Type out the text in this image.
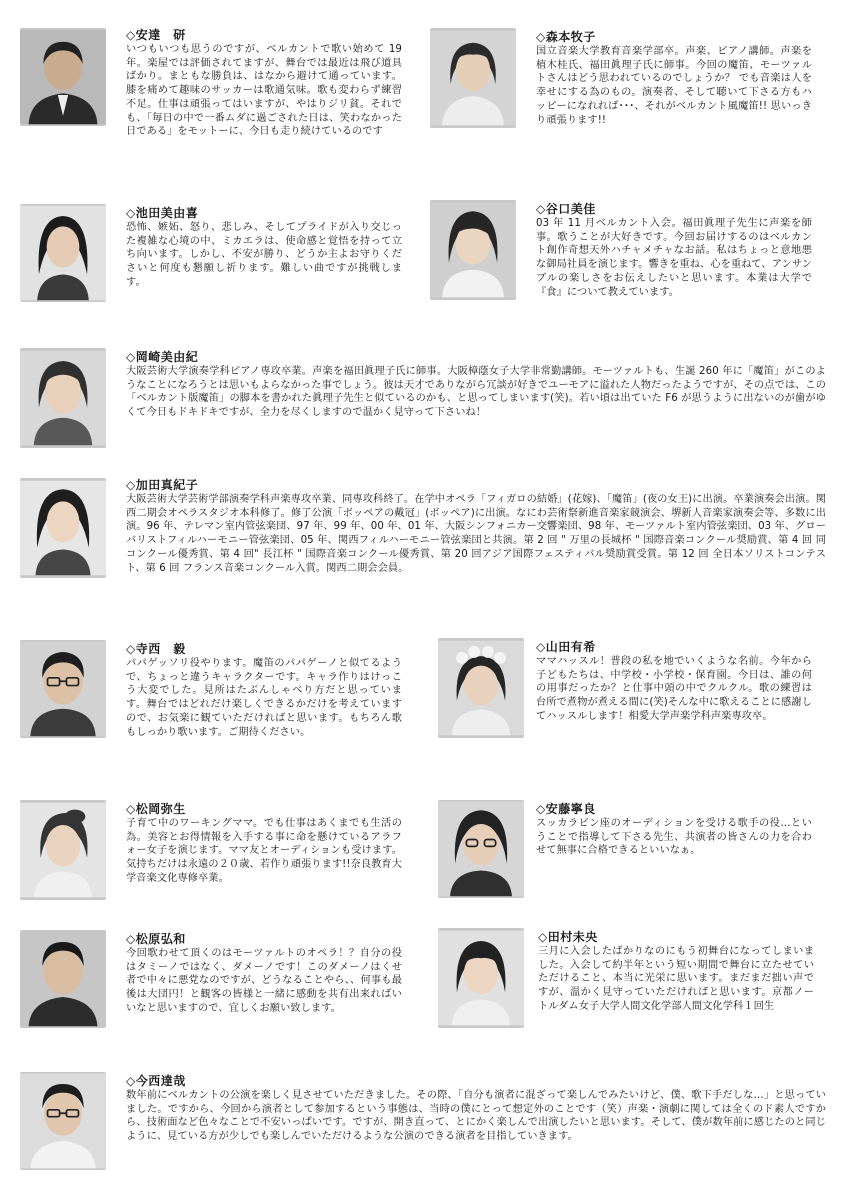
◇安達　研

いつもいつも思うのですが、ベルカントで歌い始めて 19 年。楽屋では評価されてますが、舞台では最近は飛び道具ばかり。まともな勝負は、はなから避けて通っています。膝を痛めて趣味のサッカーは歌通気味。歌も変わらず練習不足。仕事は頑張ってはいますが、やはりジリ貧。それでも、「毎日の中で一番ムダに過ごされた日は、笑わなかった日である」をモットーに、今日も走り続けているのです

◇森本牧子

国立音楽大学教育音楽学部卒。声楽、ピアノ講師。声楽を植木桂氏、福田眞理子氏に師事。今回の魔笛、モーツァルトさんはどう思われているのでしょうか？ でも音楽は人を幸せにする為のもの。演奏者、そして聴いて下さる方もハッピーになれれば･･･、それがベルカント風魔笛!! 思いっきり頑張ります!!

◇池田美由喜

恐怖、嫉妬、怒り、悲しみ、そしてプライドが入り交じった複雑な心境の中、ミカエラは、使命感と覚悟を持って立ち向います。しかし、不安が勝り、どうか主よお守りくださいと何度も懇願し祈ります。難しい曲ですが挑戦します。

◇谷口美佳

03 年 11 月ベルカント入会。福田眞理子先生に声楽を師事。歌うことが大好きです。今回お届けするのはベルカント創作奇想天外ハチャメチャなお話。私はちょっと意地悪な御局社員を演じます。響きを重ね、心を重ねて、アンサンブルの楽しさをお伝えしたいと思います。本業は大学で『食』について教えています。

◇岡崎美由紀

大阪芸術大学演奏学科ピアノ専攻卒業。声楽を福田眞理子氏に師事。大阪樟蔭女子大学非常勤講師。モーツァルトも、生誕 260 年に「魔笛」がこのようなことになろうとは思いもよらなかった事でしょう。彼は天才でありながら冗談が好きでユーモアに溢れた人物だったようですが、その点では、この「ベルカント版魔笛」の脚本を書かれた眞理子先生と似ているのかも、と思ってしまいます(笑)。若い頃は出ていた F6 が思うように出ないのが歯がゆくて今日もドキドキですが、全力を尽くしますので温かく見守って下さいね！

◇加田真紀子

大阪芸術大学芸術学部演奏学科声楽専攻卒業、同専攻科終了。在学中オペラ「フィガロの結婚」(花嫁)、「魔笛」(夜の女王)に出演。卒業演奏会出演。関西二期会オペラスタジオ本科修了。修了公演「ボッペアの戴冠」(ボッペア)に出演。なにわ芸術祭新進音楽家競演会、堺新人音楽家演奏会等、多数に出演。96 年、テレマン室内管弦楽団、97 年、99 年、00 年、01 年、大阪シンフォニカー交響楽団、98 年、モーツァルト室内管弦楽団、03 年、グローバリストフィルハーモニー管弦楽団、05 年、関西フィルハーモニー管弦楽団と共演。第 2 回 " 万里の長城杯 " 国際音楽コンクール奨励賞、第 4 回 同コンクール優秀賞、第 4 回" 長江杯 " 国際音楽コンクール優秀賞、第 20 回アジア国際フェスティバル奨励賞受賞。第 12 回 全日本ソリストコンテスト、第 6 回 フランス音楽コンクール入賞。関西二期会会員。

◇寺西　毅

パパゲッソリ役やります。魔笛のパパゲーノと似てるようで、ちょっと違うキャラクターです。キャラ作りはけっこう大変でした。見所はたぶんしゃべり方だと思っています。舞台ではどれだけ楽しくできるかだけを考えていますので、お気楽に観ていただければと思います。もちろん歌もしっかり歌います。ご期待ください。

◇山田有希

ママハッスル！普段の私を地でいくような名前。今年から子どもたちは、中学校・小学校・保育園。今日は、誰の何の用事だったか？と仕事中頭の中でクルクル。歌の練習は台所で煮物が煮える間に(笑)そんな中に歌えることに感謝してハッスルします！相愛大学声楽学科声楽専攻卒。

◇松岡弥生

子育て中のワーキングママ。でも仕事はあくまでも生活の為。美容とお得情報を入手する事に命を懸けているアラフォー女子を演じます。ママ友とオーディションも受けます。気持ちだけは永遠の２０歳、若作り頑張ります!!奈良教育大学音楽文化専修卒業。

◇安藤寧良

スッカラビン座のオーディションを受ける歌手の役…ということで指導して下さる先生、共演者の皆さんの力を合わせて無事に合格できるといいなぁ。

◇松原弘和

今回歌わせて頂くのはモーツァルトのオペラ！？自分の役はタミーノではなく、ダメーノです！このダメーノはくせ者で中々に悪党なのですが、どうなることやら、、何事も最後は大団円！と観客の皆様と一緒に感動を共有出来ればいいなと思いますので、宜しくお願い致します。

◇田村未央

三月に入会したばかりなのにもう初舞台になってしまいました。入会して約半年という短い期間で舞台に立たせていただけること、本当に光栄に思います。まだまだ拙い声ですが、温かく見守っていただければと思います。京都ノートルダム女子大学人間文化学部人間文化学科１回生

◇今西達哉

数年前にベルカントの公演を楽しく見させていただきました。その際、「自分も演者に混ざって楽しんでみたいけど、僕、歌下手だしな…」と思っていました。ですから、今回から演者として参加するという事態は、当時の僕にとって想定外のことです（笑）声楽・演劇に関しては全くのド素人ですから、技術面など色々なことで不安いっぱいです。ですが、開き直って、とにかく楽しんで出演したいと思います。そして、僕が数年前に感じたのと同じように、見ている方が少しでも楽しんでいただけるような公演のできる演者を目指していきます。
